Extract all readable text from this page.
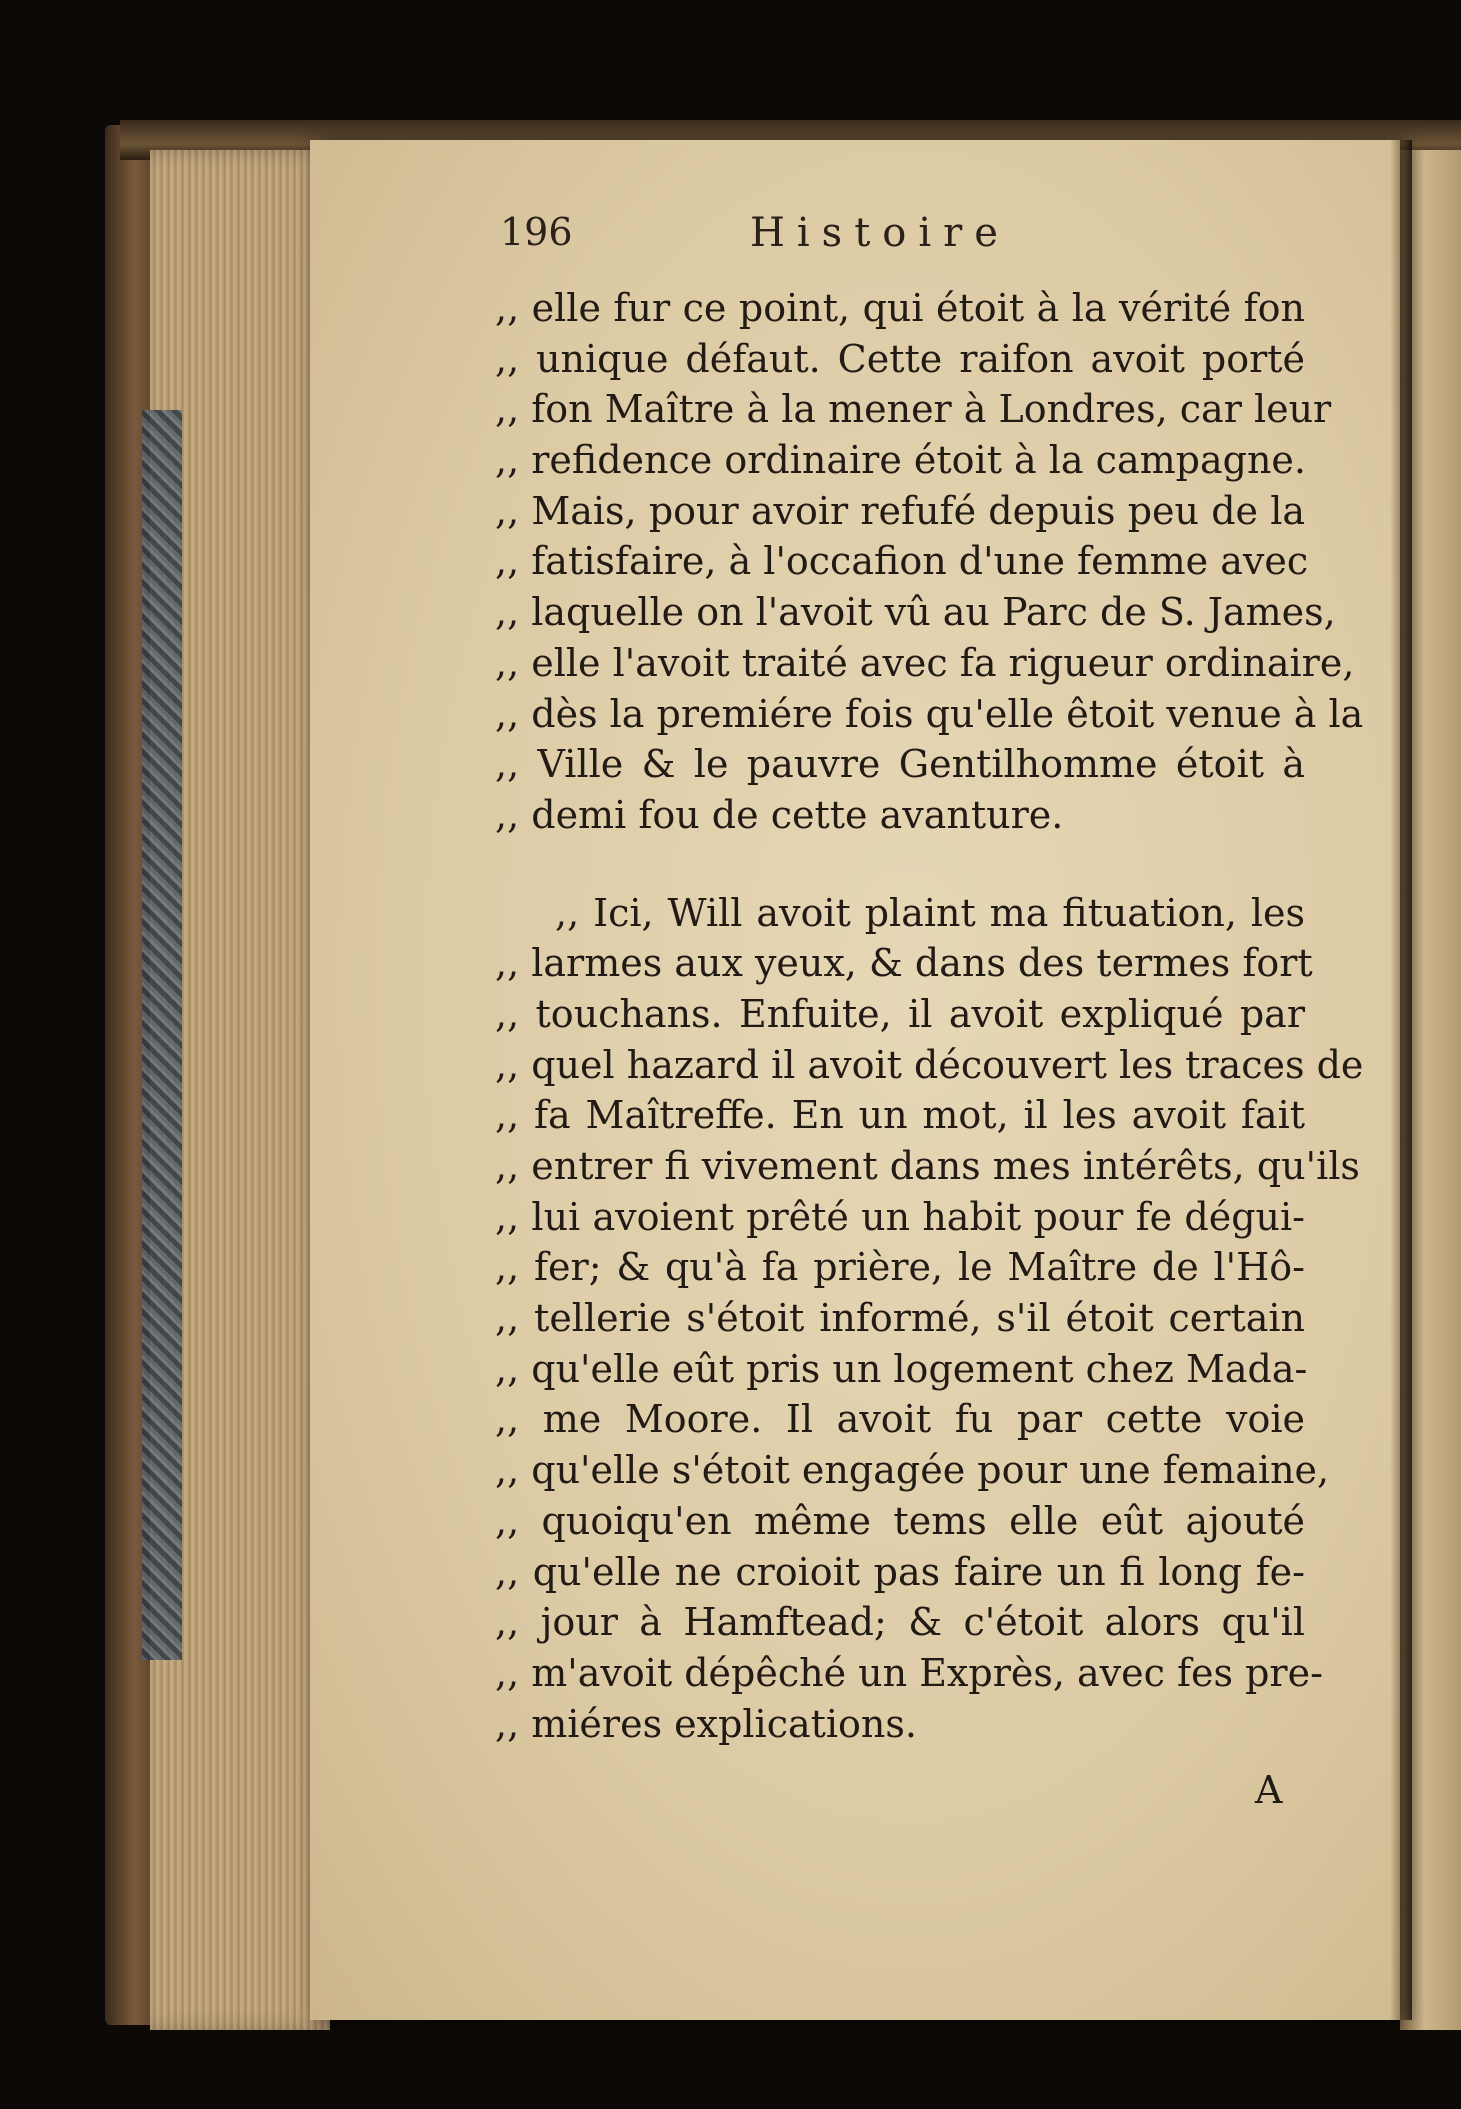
196	Histoire
,, elle fur ce point, qui étoit à la vérité fon
,, unique défaut. Cette raifon avoit porté
,, fon Maître à la mener à Londres, car leur
,, refidence ordinaire étoit à la campagne.
,, Mais, pour avoir refufé depuis peu de la
,, fatisfaire, à l'occafion d'une femme avec
,, laquelle on l'avoit vû au Parc de S. James,
,, elle l'avoit traité avec fa rigueur ordinaire,
,, dès la premiére fois qu'elle êtoit venue à la
,, Ville & le pauvre Gentilhomme étoit à
,, demi fou de cette avanture.
,, Ici, Will avoit plaint ma fituation, les
,, larmes aux yeux, & dans des termes fort
,, touchans. Enfuite, il avoit expliqué par
,, quel hazard il avoit découvert les traces de
,, fa Maîtreffe. En un mot, il les avoit fait
,, entrer fi vivement dans mes intérêts, qu'ils
,, lui avoient prêté un habit pour fe dégui-
,, fer; & qu'à fa prière, le Maître de l'Hô-
,, tellerie s'étoit informé, s'il étoit certain
,, qu'elle eût pris un logement chez Mada-
,, me Moore. Il avoit fu par cette voie
,, qu'elle s'étoit engagée pour une femaine,
,, quoiqu'en même tems elle eût ajouté
,, qu'elle ne croioit pas faire un fi long fe-
,, jour à Hamftead; & c'étoit alors qu'il
,, m'avoit dépêché un Exprès, avec fes pre-
,, miéres explications.
A
